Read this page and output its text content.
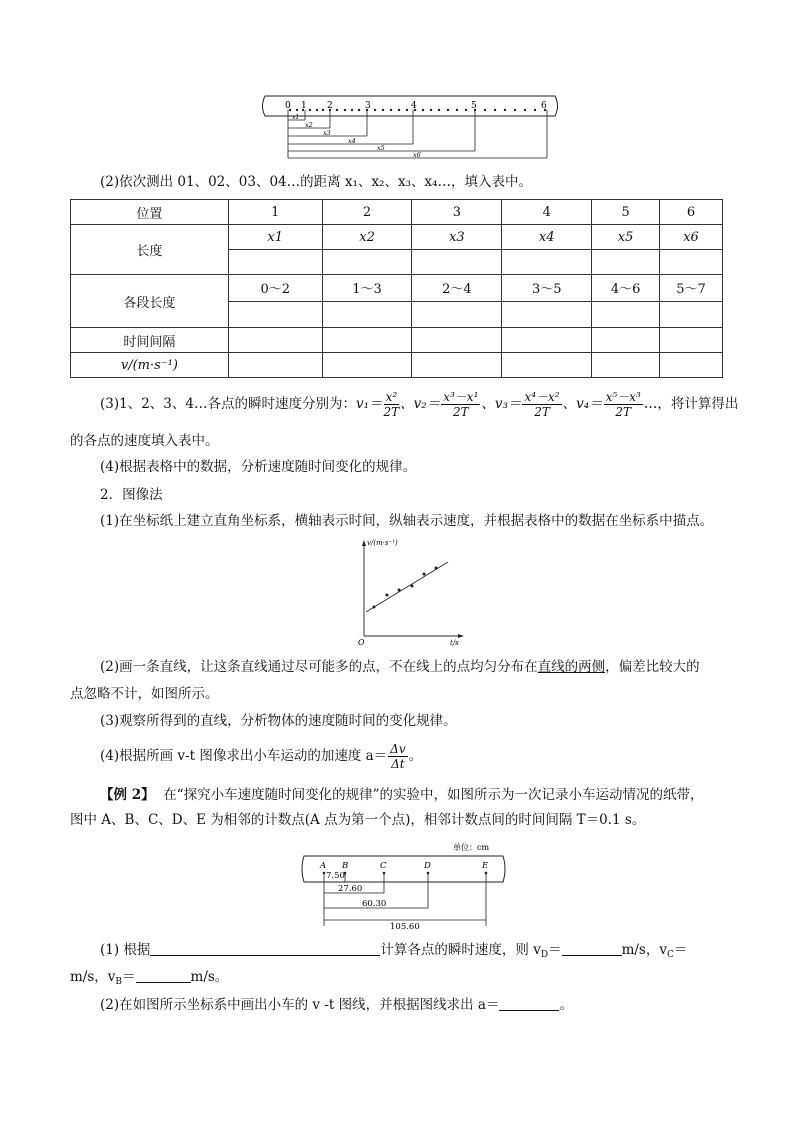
0 1 2	3	4	5	6
x1
x2
x3
x4
x5
x6
(2)依次测出 01、02、03、04…的距离 x₁、x₂、x₃、x₄…，填入表中。
位置	1	2	3	4	5	6
长度	x1	x2	x3	x4	x5	x6

各段长度	0～2	1～3	2～4	3～5	4～6	5～7

时间间隔						
v/(m·s⁻¹)						
(3)1、2、3、4…各点的瞬时速度分别为：$v_1= \frac{\text{x²}}{2T}$ 、$v_2= \frac{\text{x³－x¹}}{2T}$ 、$v_3= \frac{\text{x⁴－x²}}{2T}$ 、$v_4= \frac{\text{x⁵－x³}}{2T}$ …，将计算得出
的各点的速度填入表中。
(4)根据表格中的数据，分析速度随时间变化的规律。
2．图像法
(1)在坐标纸上建立直角坐标系，横轴表示时间，纵轴表示速度，并根据表格中的数据在坐标系中描点。
v/(m·s⁻¹)
t/s
O
(2)画一条直线，让这条直线通过尽可能多的点，不在线上的点均匀分布在直线的两侧，偏差比较大的
点忽略不计，如图所示。
(3)观察所得到的直线，分析物体的速度随时间的变化规律。
(4)根据所画 v-t 图像求出小车运动的加速度 $a= \frac{\Delta v}{\Delta t}$ 。
【例 2】 在“探究小车速度随时间变化的规律”的实验中，如图所示为一次记录小车运动情况的纸带，
图中 A、B、C、D、E 为相邻的计数点(A 点为第一个点)，相邻计数点间的时间间隔 T＝0.1 s。
单位：cm
A B	C	D	E
7.50
27.60
60.30
105.60
(1) 根据	计算各点的瞬时速度，则 $v_D=$	m/s，$v_C=$
m/s，$v_B=$	m/s。
(2)在如图所示坐标系中画出小车的 v -t 图线，并根据图线求出 a＝	。
